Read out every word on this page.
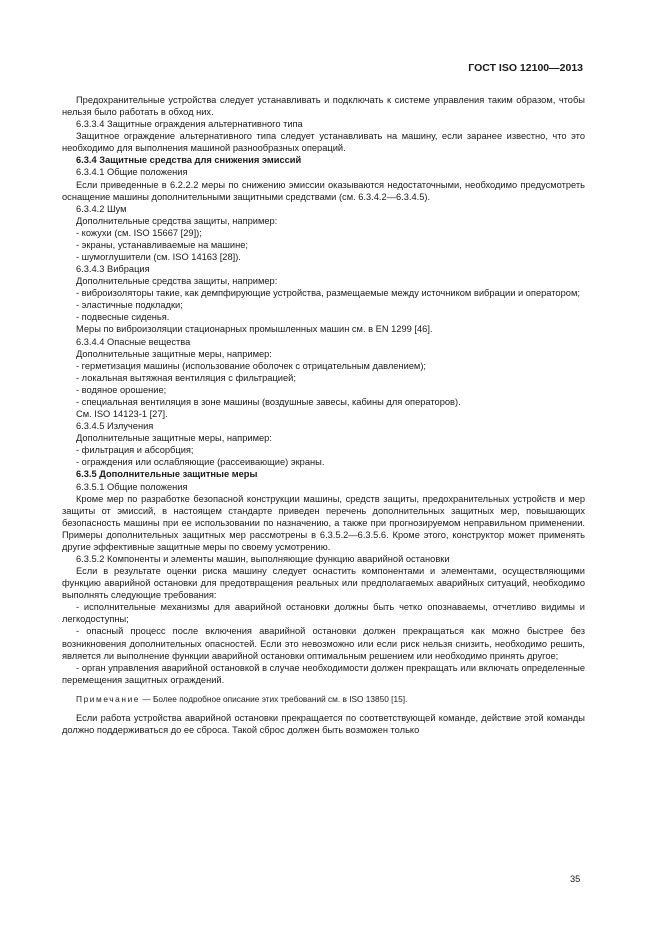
ГОСТ ISO 12100—2013

Предохранительные устройства следует устанавливать и подключать к системе управления таким образом, чтобы нельзя было работать в обход них.

6.3.3.4 Защитные ограждения альтернативного типа

Защитное ограждение альтернативного типа следует устанавливать на машину, если заранее известно, что это необходимо для выполнения машиной разнообразных операций.

6.3.4 Защитные средства для снижения эмиссий

6.3.4.1 Общие положения

Если приведенные в 6.2.2.2 меры по снижению эмиссии оказываются недостаточными, необходимо предусмотреть оснащение машины дополнительными защитными средствами (см. 6.3.4.2—6.3.4.5).

6.3.4.2 Шум

Дополнительные средства защиты, например:

- кожухи (см. ISO 15667 [29]);

- экраны, устанавливаемые на машине;

- шумоглушители (см. ISO 14163 [28]).

6.3.4.3 Вибрация

Дополнительные средства защиты, например:

- виброизоляторы такие, как демпфирующие устройства, размещаемые между источником вибрации и оператором;

- эластичные подкладки;

- подвесные сиденья.

Меры по виброизоляции стационарных промышленных машин см. в EN 1299 [46].

6.3.4.4 Опасные вещества

Дополнительные защитные меры, например:

- герметизация машины (использование оболочек с отрицательным давлением);

- локальная вытяжная вентиляция с фильтрацией;

- водяное орошение;

- специальная вентиляция в зоне машины (воздушные завесы, кабины для операторов).

См. ISO 14123-1 [27].

6.3.4.5 Излучения

Дополнительные защитные меры, например:

- фильтрация и абсорбция;

- ограждения или ослабляющие (рассеивающие) экраны.

6.3.5 Дополнительные защитные меры

6.3.5.1 Общие положения

Кроме мер по разработке безопасной конструкции машины, средств защиты, предохранительных устройств и мер защиты от эмиссий, в настоящем стандарте приведен перечень дополнительных защитных мер, повышающих безопасность машины при ее использовании по назначению, а также при прогнозируемом неправильном применении. Примеры дополнительных защитных мер рассмотрены в 6.3.5.2—6.3.5.6. Кроме этого, конструктор может применять другие эффективные защитные меры по своему усмотрению.

6.3.5.2 Компоненты и элементы машин, выполняющие функцию аварийной остановки

Если в результате оценки риска машину следует оснастить компонентами и элементами, осуществляющими функцию аварийной остановки для предотвращения реальных или предполагаемых аварийных ситуаций, необходимо выполнять следующие требования:

- исполнительные механизмы для аварийной остановки должны быть четко опознаваемы, отчетливо видимы и легкодоступны;

- опасный процесс после включения аварийной остановки должен прекращаться как можно быстрее без возникновения дополнительных опасностей. Если это невозможно или если риск нельзя снизить, необходимо решить, является ли выполнение функции аварийной остановки оптимальным решением или необходимо принять другое;

- орган управления аварийной остановкой в случае необходимости должен прекращать или включать определенные перемещения защитных ограждений.

Примечание — Более подробное описание этих требований см. в ISO 13850 [15].

Если работа устройства аварийной остановки прекращается по соответствующей команде, действие этой команды должно поддерживаться до ее сброса. Такой сброс должен быть возможен только

35
